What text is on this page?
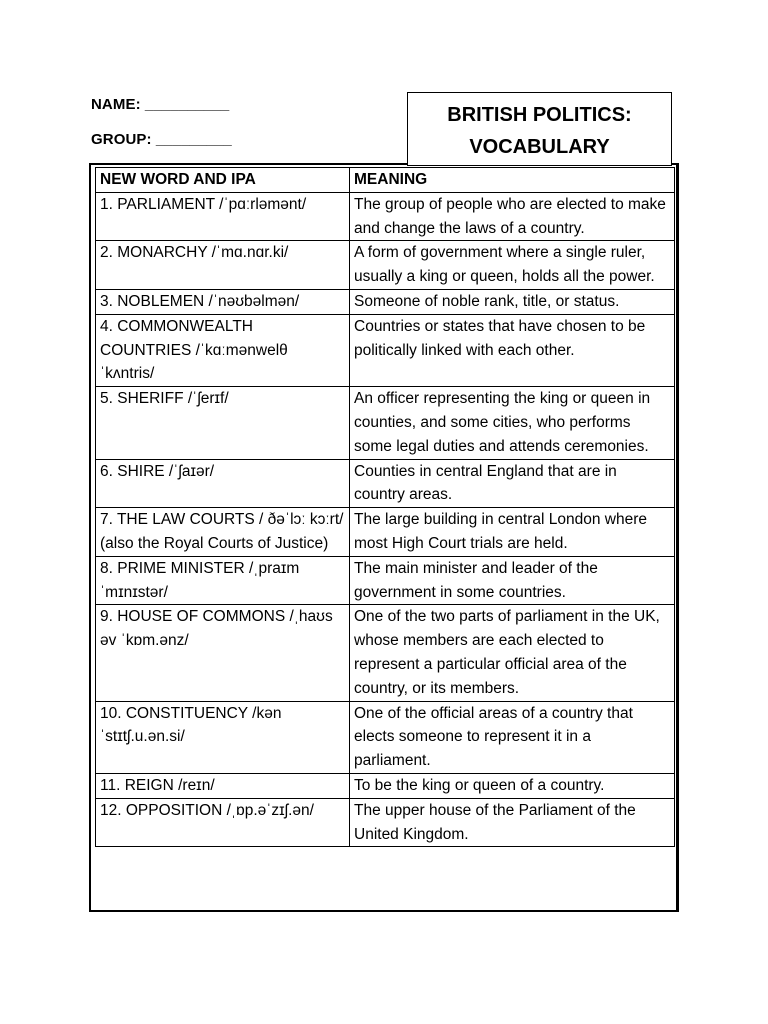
NAME: __________
GROUP: _________
BRITISH POLITICS:
VOCABULARY
NEW WORD AND IPA	MEANING
1. PARLIAMENT /ˈpɑːrləmənt/	The group of people who are elected to make and change the laws of a country.
2. MONARCHY /ˈmɑ.nɑr.ki/	A form of government where a single ruler, usually a king or queen, holds all the power.
3. NOBLEMEN /ˈnəʊbəlmən/	Someone of noble rank, title, or status.
4. COMMONWEALTH COUNTRIES /ˈkɑːmənwelθ ˈkʌntris/	Countries or states that have chosen to be politically linked with each other.
5. SHERIFF /ˈʃerɪf/	An officer representing the king or queen in counties, and some cities, who performs some legal duties and attends ceremonies.
6. SHIRE /ˈʃaɪər/	Counties in central England that are in country areas.
7. THE LAW COURTS / ðəˈlɔː kɔːrt/ (also the Royal Courts of Justice)	The large building in central London where most High Court trials are held.
8. PRIME MINISTER /ˌpraɪm ˈmɪnɪstər/	The main minister and leader of the government in some countries.
9. HOUSE OF COMMONS /ˌhaʊs əv ˈkɒm.ənz/	One of the two parts of parliament in the UK, whose members are each elected to represent a particular official area of the country, or its members.
10. CONSTITUENCY /kən ˈstɪtʃ.u.ən.si/	One of the official areas of a country that elects someone to represent it in a parliament.
11. REIGN /reɪn/	To be the king or queen of a country.
12. OPPOSITION /ˌɒp.əˈzɪʃ.ən/	The upper house of the Parliament of the United Kingdom.
